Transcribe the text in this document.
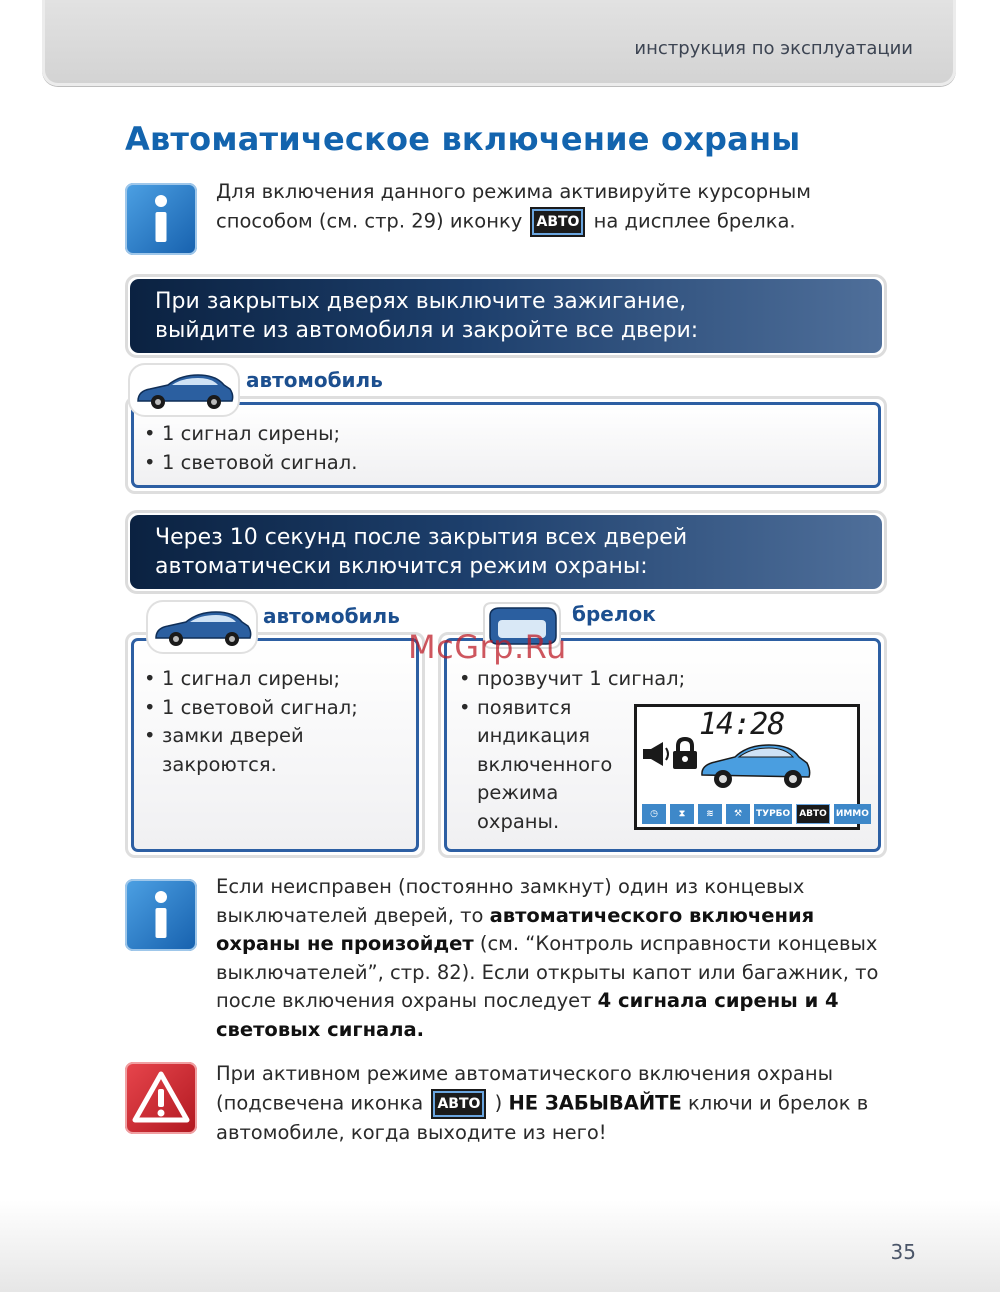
инструкция по эксплуатации
Автоматическое включение охраны
Для включения данного режима активируйте курсорным
способом (см. стр. 29) иконку АВТО на дисплее брелка.
При закрытых дверях выключите зажигание,
выйдите из автомобиля и закройте все двери:
автомобиль
• 1 сигнал сирены;
• 1 световой сигнал.
Через 10 секунд после закрытия всех дверей
автоматически включится режим охраны:
автомобиль
• 1 сигнал сирены;
• 1 световой сигнал;
• замки дверей закроются.
брелок
• прозвучит 1 сигнал;
• появится индикация включенного режима охраны.
14:28
◷	⧗	≋	⚒	ТУРБО	АВТО	ИММО
McGrp.Ru
Если неисправен (постоянно замкнут) один из концевых
выключателей дверей, то автоматического включения
охраны не произойдет (см. “Контроль исправности концевых
выключателей”, стр. 82). Если открыты капот или багажник, то
после включения охраны последует 4 сигнала сирены и 4
световых сигнала.
При активном режиме автоматического включения охраны
(подсвечена иконка АВТО ) НЕ ЗАБЫВАЙТЕ ключи и брелок в
автомобиле, когда выходите из него!
35
